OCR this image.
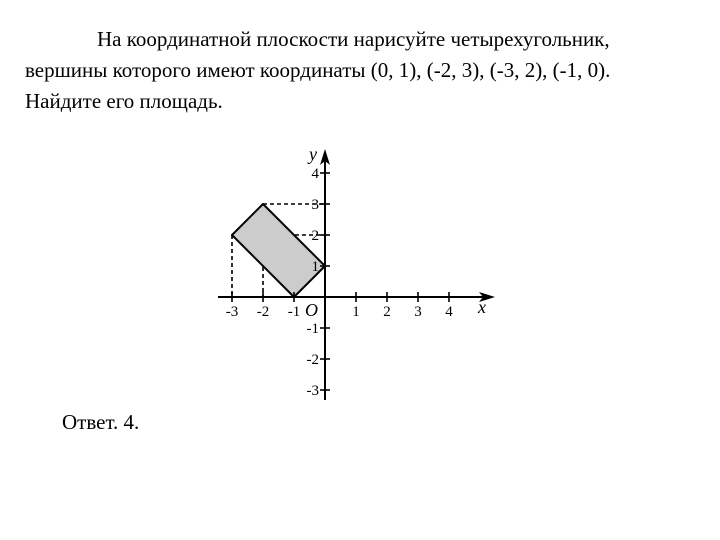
На координатной плоскости нарисуйте четырехугольник,
вершины которого имеют координаты (0, 1), (-2, 3), (-3, 2), (-1, 0).
Найдите его площадь.
-3 -2 -1	1 2 3 4
4
3
2
1
-1
-2
-3
x
y
O
Ответ. 4.
